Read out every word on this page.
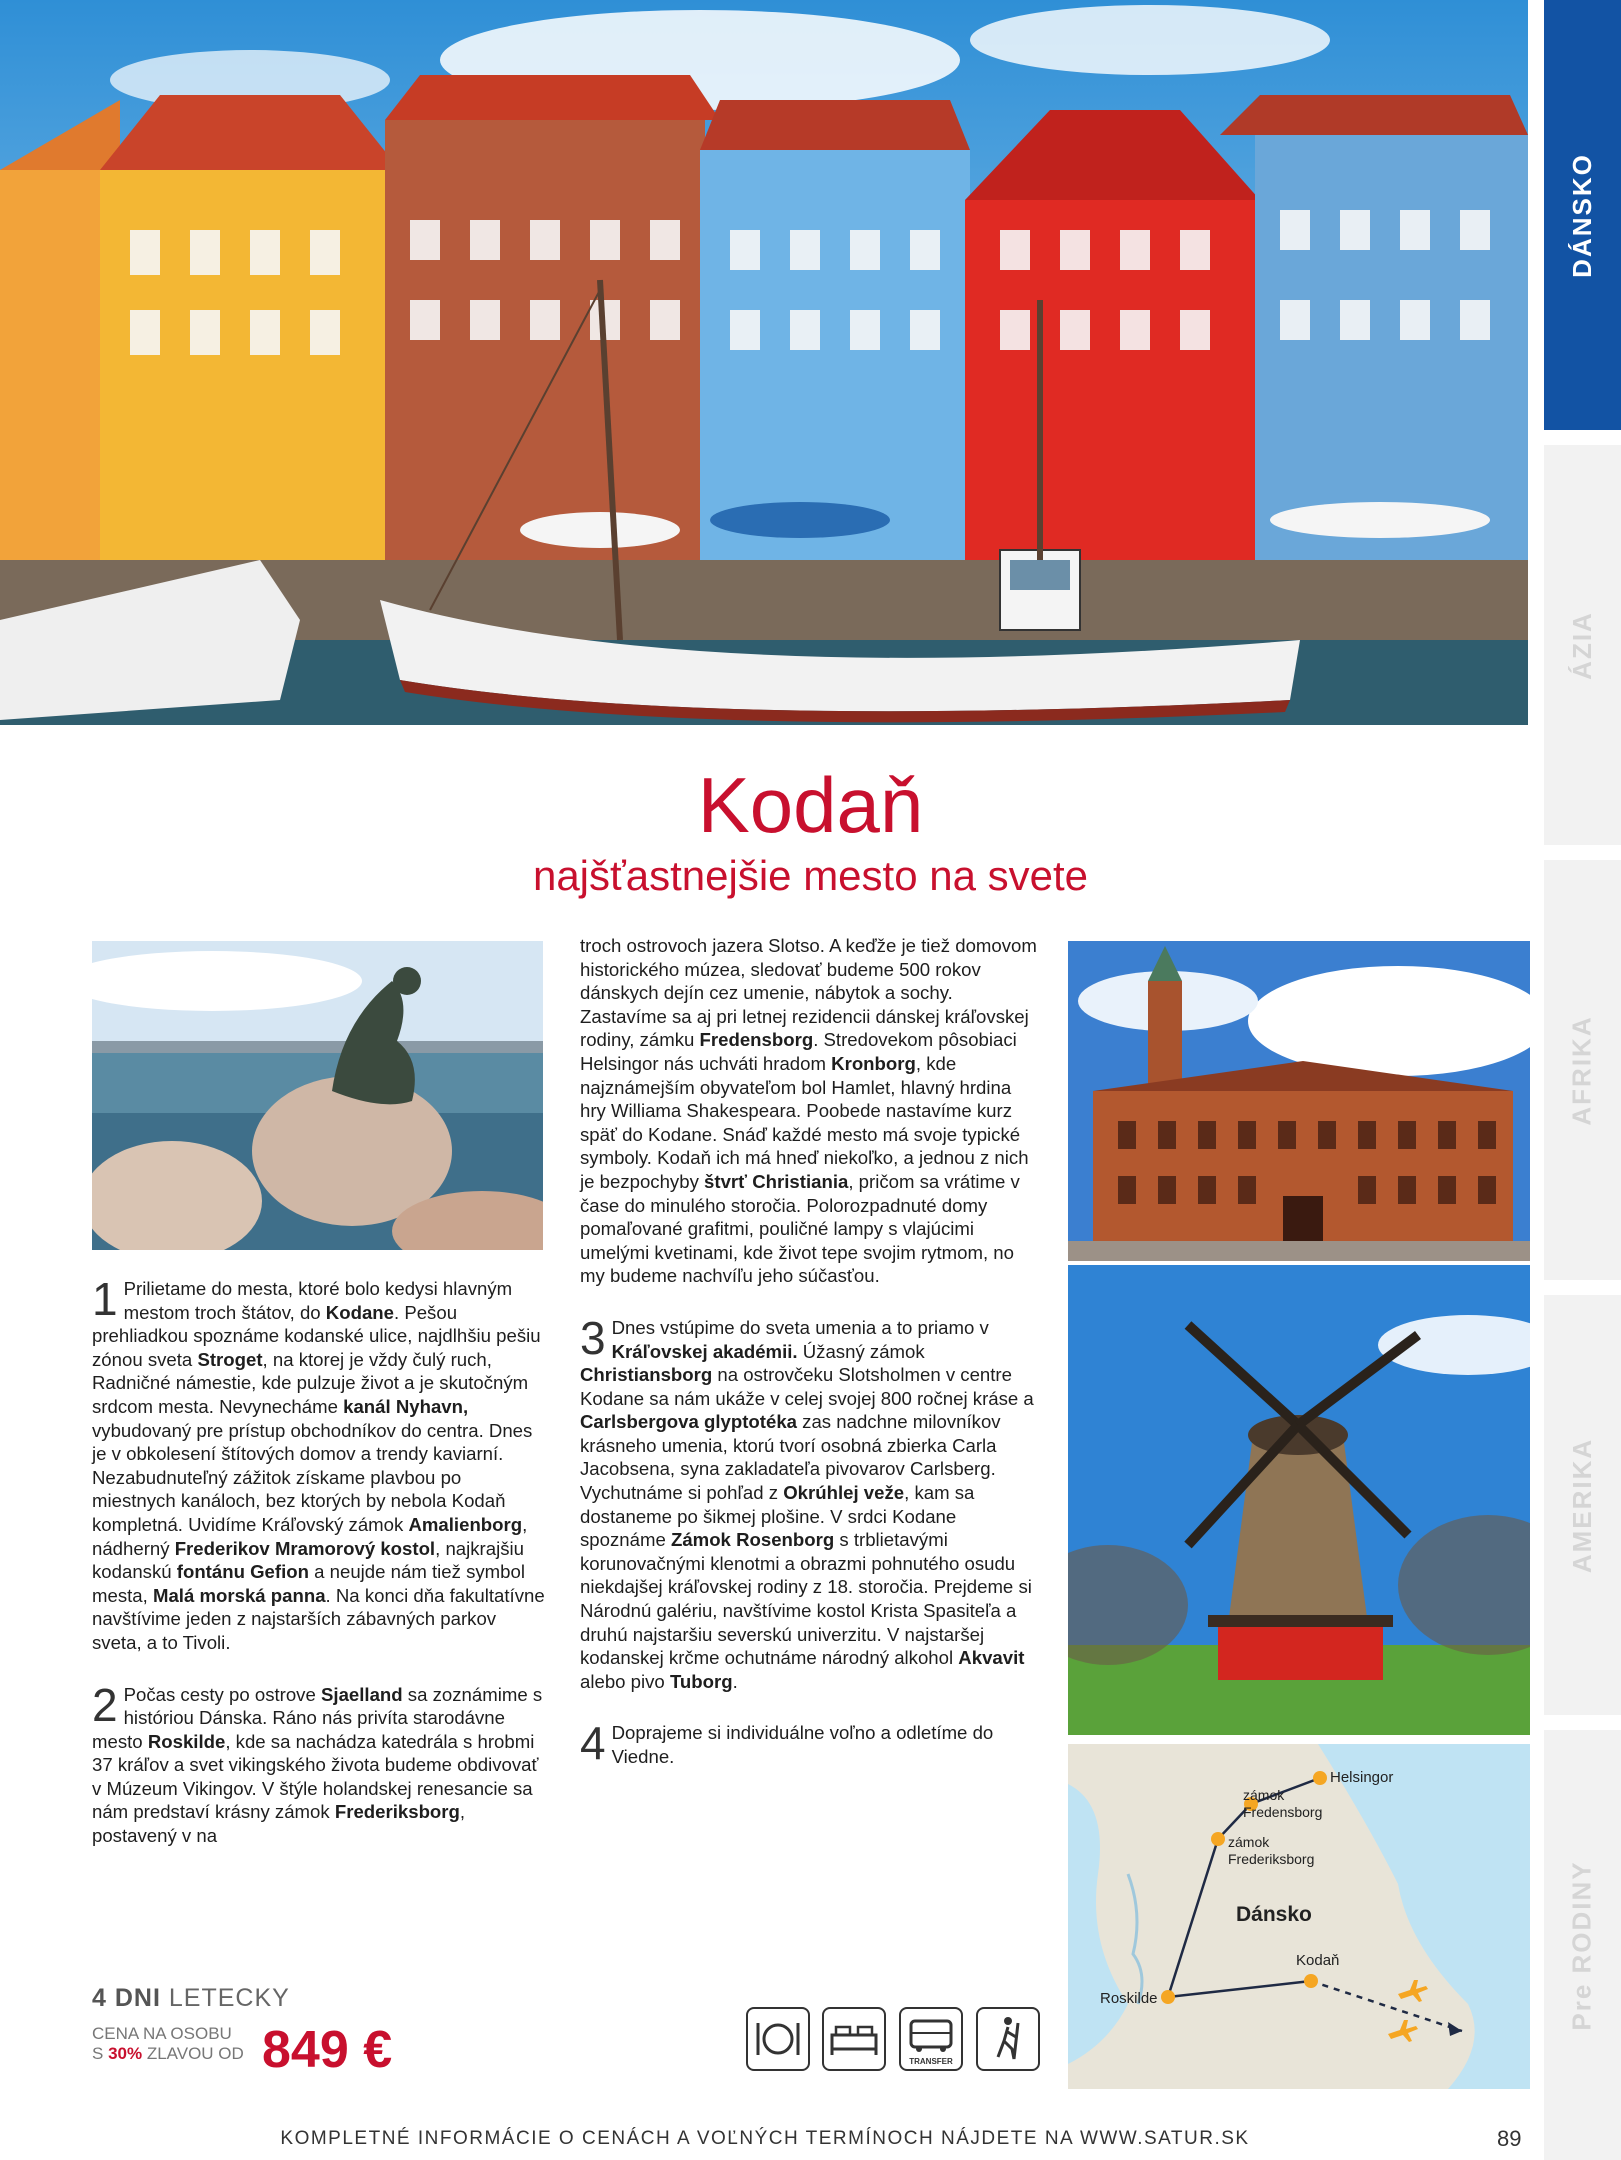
DÁNSKO
ÁZIA
AFRIKA
AMERIKA
Pre RODINY
Kodaň
najšťastnejšie mesto na svete
1 Prilietame do mesta, ktoré bolo kedysi hlavným mestom troch štátov, do Kodane. Pešou prehliadkou spoznáme kodanské ulice, najdlhšiu pešiu zónou sveta Stroget, na ktorej je vždy čulý ruch, Radničné námestie, kde pulzuje život a je skutočným srdcom mesta. Nevynecháme kanál Nyhavn, vybudovaný pre prístup obchodníkov do centra. Dnes je v obkolesení štítových domov a trendy kaviarní. Nezabudnuteľný zážitok získame plavbou po miestnych kanáloch, bez ktorých by nebola Kodaň kompletná. Uvidíme Kráľovský zámok Amalienborg, nádherný Frederikov Mramorový kostol, najkrajšiu kodanskú fontánu Gefion a neujde nám tiež symbol mesta, Malá morská panna. Na konci dňa fakultatívne navštívime jeden z najstarších zábavných parkov sveta, a to Tivoli.
2 Počas cesty po ostrove Sjaelland sa zoznámime s históriou Dánska. Ráno nás privíta starodávne mesto Roskilde, kde sa nachádza katedrála s hrobmi 37 kráľov a svet vikingského života budeme obdivovať v Múzeum Vikingov. V štýle holandskej renesancie sa nám predstaví krásny zámok Frederiksborg, postavený v na
troch ostrovoch jazera Slotso. A keďže je tiež domovom historického múzea, sledovať budeme 500 rokov dánskych dejín cez umenie, nábytok a sochy. Zastavíme sa aj pri letnej rezidencii dánskej kráľovskej rodiny, zámku Fredensborg. Stredovekom pôsobiaci Helsingor nás uchváti hradom Kronborg, kde najznámejším obyvateľom bol Hamlet, hlavný hrdina hry Williama Shakespeara. Poobede nastavíme kurz späť do Kodane. Snáď každé mesto má svoje typické symboly. Kodaň ich má hneď niekoľko, a jednou z nich je bezpochyby štvrť Christiania, pričom sa vrátime v čase do minulého storočia. Polorozpadnuté domy pomaľované grafitmi, pouličné lampy s vlajúcimi umelými kvetinami, kde život tepe svojim rytmom, no my budeme nachvíľu jeho súčasťou.
3 Dnes vstúpime do sveta umenia a to priamo v Kráľovskej akadémii. Úžasný zámok Christiansborg na ostrovčeku Slotsholmen v centre Kodane sa nám ukáže v celej svojej 800 ročnej kráse a Carlsbergova glyptotéka zas nadchne milovníkov krásneho umenia, ktorú tvorí osobná zbierka Carla Jacobsena, syna zakladateľa pivovarov Carlsberg. Vychutnáme si pohľad z Okrúhlej veže, kam sa dostaneme po šikmej plošine. V srdci Kodane spoznáme Zámok Rosenborg s trblietavými korunovačnými klenotmi a obrazmi pohnutého osudu niekdajšej kráľovskej rodiny z 18. storočia. Prejdeme si Národnú galériu, navštívime kostol Krista Spasiteľa a druhú najstaršiu severskú univerzitu. V najstaršej kodanskej krčme ochutnáme národný alkohol Akvavit alebo pivo Tuborg.
4 Doprajeme si individuálne voľno a odletíme do Viedne.
Helsingor
zámok Fredensborg
zámok Frederiksborg
Dánsko
Kodaň
Roskilde
4 DNI LETECKY
CENA NA OSOBU
S 30% ZLAVOU OD 849 €	TRANSFER
KOMPLETNÉ INFORMÁCIE O CENÁCH A VOĽNÝCH TERMÍNOCH NÁJDETE NA WWW.SATUR.SK	89
